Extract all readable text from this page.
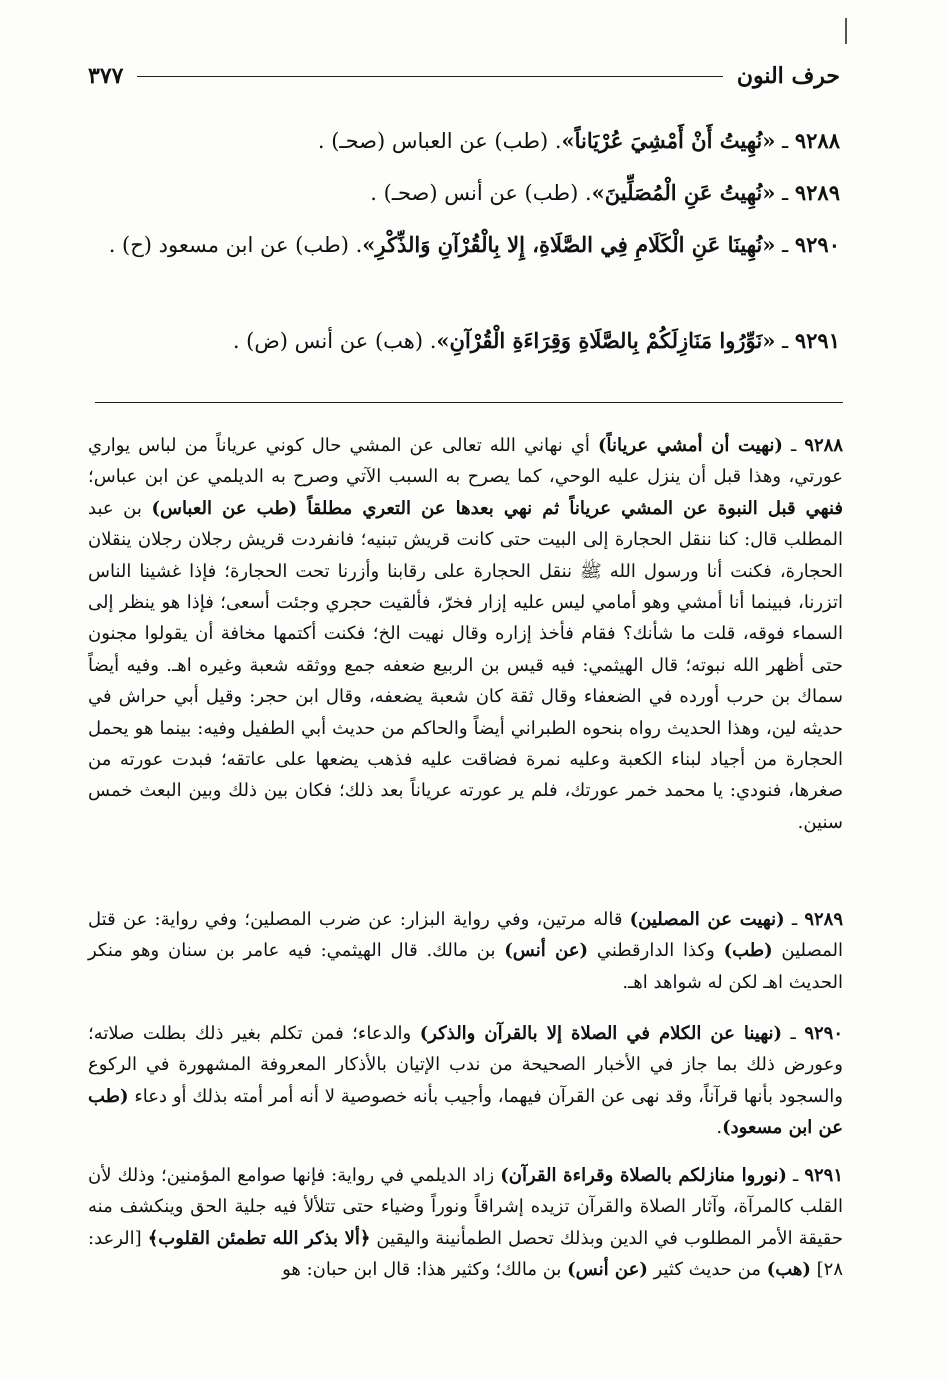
حرف النون
٣٧٧
٩٢٨٨ ـ «نُهِيتُ أَنْ أَمْشِيَ عُرْيَاناً». (طب) عن العباس (صحـ) .
٩٢٨٩ ـ «نُهِيتُ عَنِ الْمُصَلِّينَ». (طب) عن أنس (صحـ) .
٩٢٩٠ ـ «نُهِينَا عَنِ الْكَلَامِ فِي الصَّلَاةِ، إِلا بِالْقُرْآنِ وَالذِّكْرِ». (طب) عن ابن مسعود (ح) .
٩٢٩١ ـ «نَوِّرُوا مَنَازِلَكُمْ بِالصَّلَاةِ وَقِرَاءَةِ الْقُرْآنِ». (هب) عن أنس (ض) .
٩٢٨٨ ـ (نهيت أن أمشي عرياناً) أي نهاني الله تعالى عن المشي حال كوني عرياناً من لباس يواري عورتي، وهذا قبل أن ينزل عليه الوحي، كما يصرح به السبب الآتي وصرح به الديلمي عن ابن عباس؛ فنهي قبل النبوة عن المشي عرياناً ثم نهي بعدها عن التعري مطلقاً (طب عن العباس) بن عبد المطلب قال: كنا ننقل الحجارة إلى البيت حتى كانت قريش تبنيه؛ فانفردت قريش رجلان رجلان ينقلان الحجارة، فكنت أنا ورسول الله ﷺ ننقل الحجارة على رقابنا وأزرنا تحت الحجارة؛ فإذا غشينا الناس اتزرنا، فبينما أنا أمشي وهو أمامي ليس عليه إزار فخرّ، فألقيت حجري وجئت أسعى؛ فإذا هو ينظر إلى السماء فوقه، قلت ما شأنك؟ فقام فأخذ إزاره وقال نهيت الخ؛ فكنت أكتمها مخافة أن يقولوا مجنون حتى أظهر الله نبوته؛ قال الهيثمي: فيه قيس بن الربيع ضعفه جمع ووثقه شعبة وغيره اهـ. وفيه أيضاً سماك بن حرب أورده في الضعفاء وقال ثقة كان شعبة يضعفه، وقال ابن حجر: وقيل أبي حراش في حديثه لين، وهذا الحديث رواه بنحوه الطبراني أيضاً والحاكم من حديث أبي الطفيل وفيه: بينما هو يحمل الحجارة من أجياد لبناء الكعبة وعليه نمرة فضاقت عليه فذهب يضعها على عاتقه؛ فبدت عورته من صغرها، فنودي: يا محمد خمر عورتك، فلم ير عورته عرياناً بعد ذلك؛ فكان بين ذلك وبين البعث خمس سنين.
٩٢٨٩ ـ (نهيت عن المصلين) قاله مرتين، وفي رواية البزار: عن ضرب المصلين؛ وفي رواية: عن قتل المصلين (طب) وكذا الدارقطني (عن أنس) بن مالك. قال الهيثمي: فيه عامر بن سنان وهو منكر الحديث اهـ لكن له شواهد اهـ.
٩٢٩٠ ـ (نهينا عن الكلام في الصلاة إلا بالقرآن والذكر) والدعاء؛ فمن تكلم بغير ذلك بطلت صلاته؛ وعورض ذلك بما جاز في الأخبار الصحيحة من ندب الإتيان بالأذكار المعروفة المشهورة في الركوع والسجود بأنها قرآناً، وقد نهى عن القرآن فيهما، وأجيب بأنه خصوصية لا أنه أمر أمته بذلك أو دعاء (طب عن ابن مسعود).
٩٢٩١ ـ (نوروا منازلكم بالصلاة وقراءة القرآن) زاد الديلمي في رواية: فإنها صوامع المؤمنين؛ وذلك لأن القلب كالمرآة، وآثار الصلاة والقرآن تزيده إشراقاً ونوراً وضياء حتى تتلألأ فيه جلية الحق وينكشف منه حقيقة الأمر المطلوب في الدين وبذلك تحصل الطمأنينة واليقين ﴿ألا بذكر الله تطمئن القلوب﴾ [الرعد: ٢٨] (هب) من حديث كثير (عن أنس) بن مالك؛ وكثير هذا: قال ابن حبان: هو
